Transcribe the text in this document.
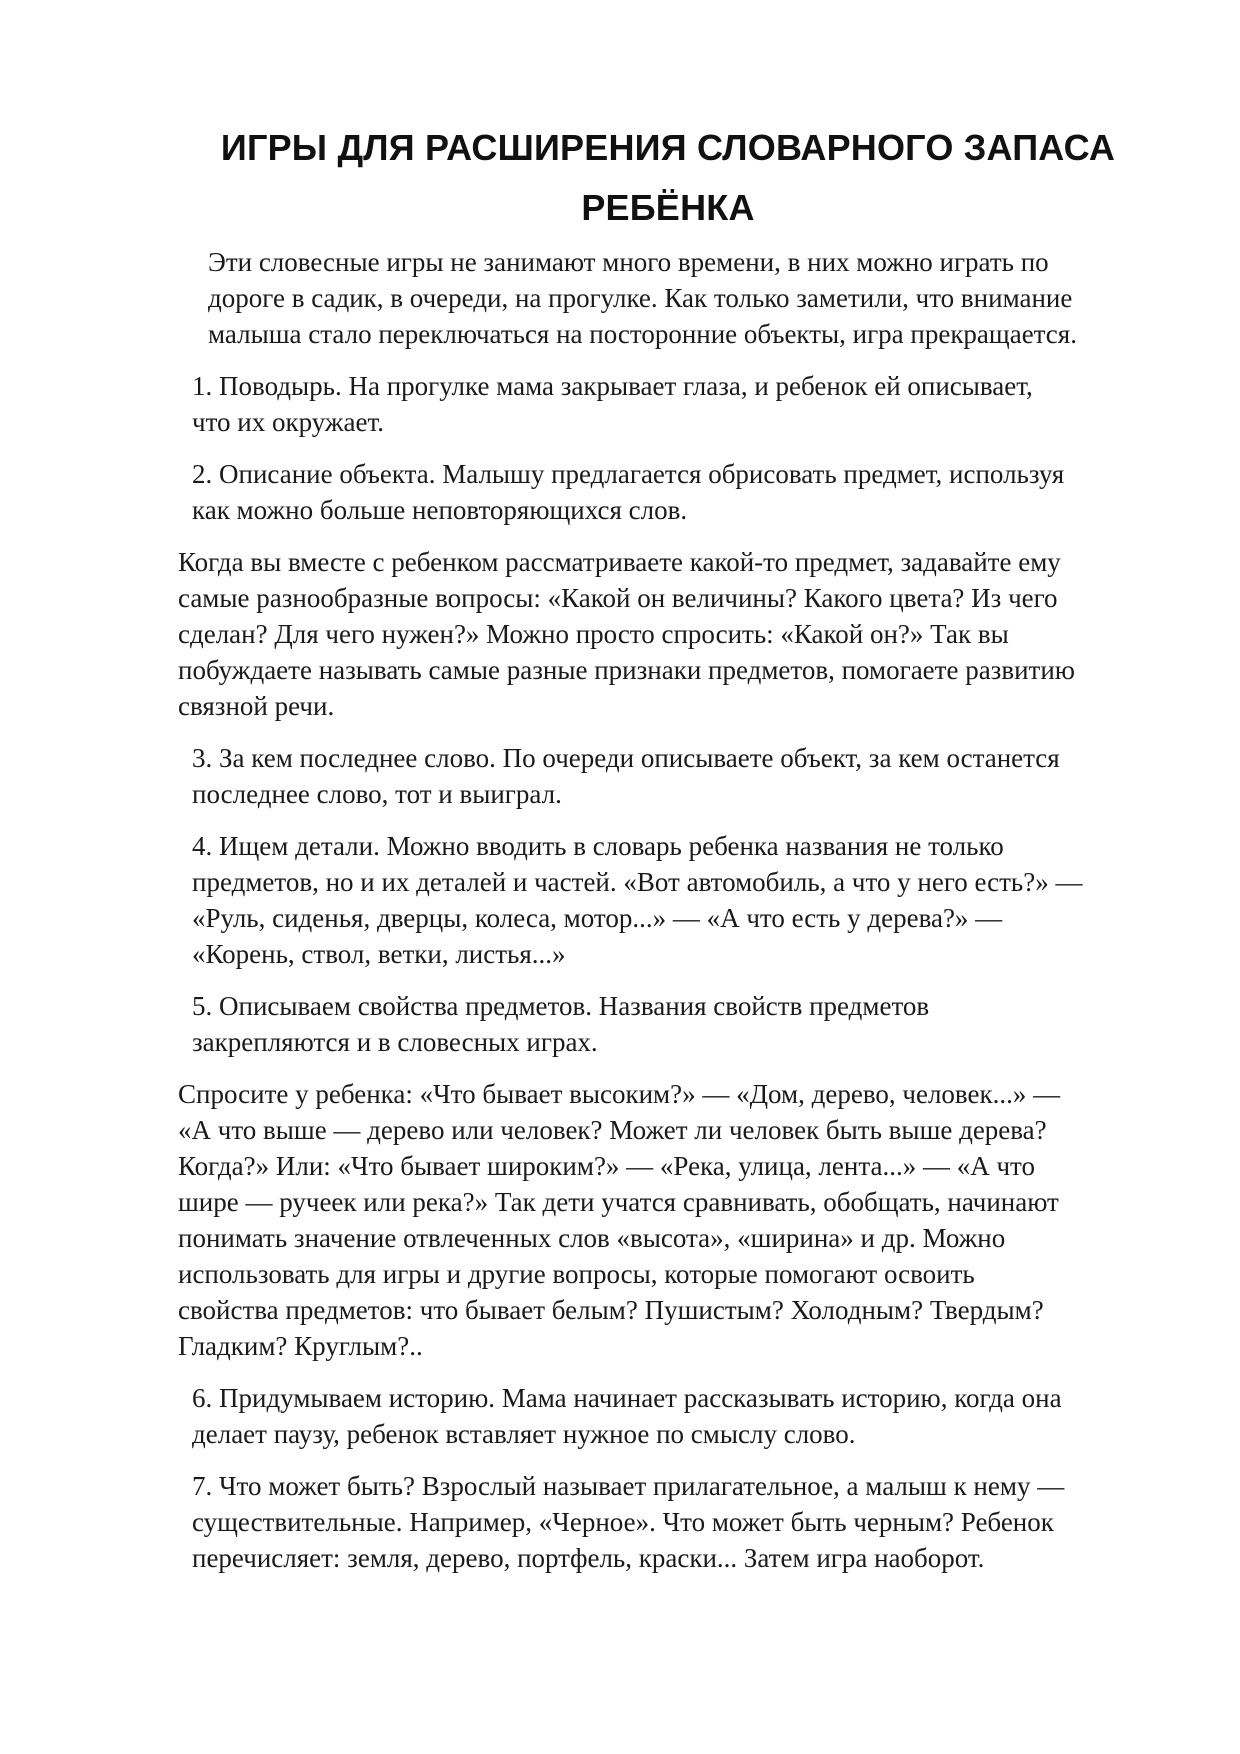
ИГРЫ ДЛЯ РАСШИРЕНИЯ СЛОВАРНОГО ЗАПАСА
РЕБЁНКА

Эти словесные игры не занимают много времени, в них можно играть по
дороге в садик, в очереди, на прогулке. Как только заметили, что внимание
малыша стало переключаться на посторонние объекты, игра прекращается.

1. Поводырь. На прогулке мама закрывает глаза, и ребенок ей описывает,
что их окружает.

2. Описание объекта. Малышу предлагается обрисовать предмет, используя
как можно больше неповторяющихся слов.

Когда вы вместе с ребенком рассматриваете какой-то предмет, задавайте ему
самые разнообразные вопросы: «Какой он величины? Какого цвета? Из чего
сделан? Для чего нужен?» Можно просто спросить: «Какой он?» Так вы
побуждаете называть самые разные признаки предметов, помогаете развитию
связной речи.

3. За кем последнее слово. По очереди описываете объект, за кем останется
последнее слово, тот и выиграл.

4. Ищем детали. Можно вводить в словарь ребенка названия не только
предметов, но и их деталей и частей. «Вот автомобиль, а что у него есть?» —
«Руль, сиденья, дверцы, колеса, мотор...» — «А что есть у дерева?» —
«Корень, ствол, ветки, листья...»

5. Описываем свойства предметов. Названия свойств предметов
закрепляются и в словесных играх.

Спросите у ребенка: «Что бывает высоким?» — «Дом, дерево, человек...» —
«А что выше — дерево или человек? Может ли человек быть выше дерева?
Когда?» Или: «Что бывает широким?» — «Река, улица, лента...» — «А что
шире — ручеек или река?» Так дети учатся сравнивать, обобщать, начинают
понимать значение отвлеченных слов «высота», «ширина» и др. Можно
использовать для игры и другие вопросы, которые помогают освоить
свойства предметов: что бывает белым? Пушистым? Холодным? Твердым?
Гладким? Круглым?..

6. Придумываем историю. Мама начинает рассказывать историю, когда она
делает паузу, ребенок вставляет нужное по смыслу слово.

7. Что может быть? Взрослый называет прилагательное, а малыш к нему —
существительные. Например, «Черное». Что может быть черным? Ребенок
перечисляет: земля, дерево, портфель, краски... Затем игра наоборот.
